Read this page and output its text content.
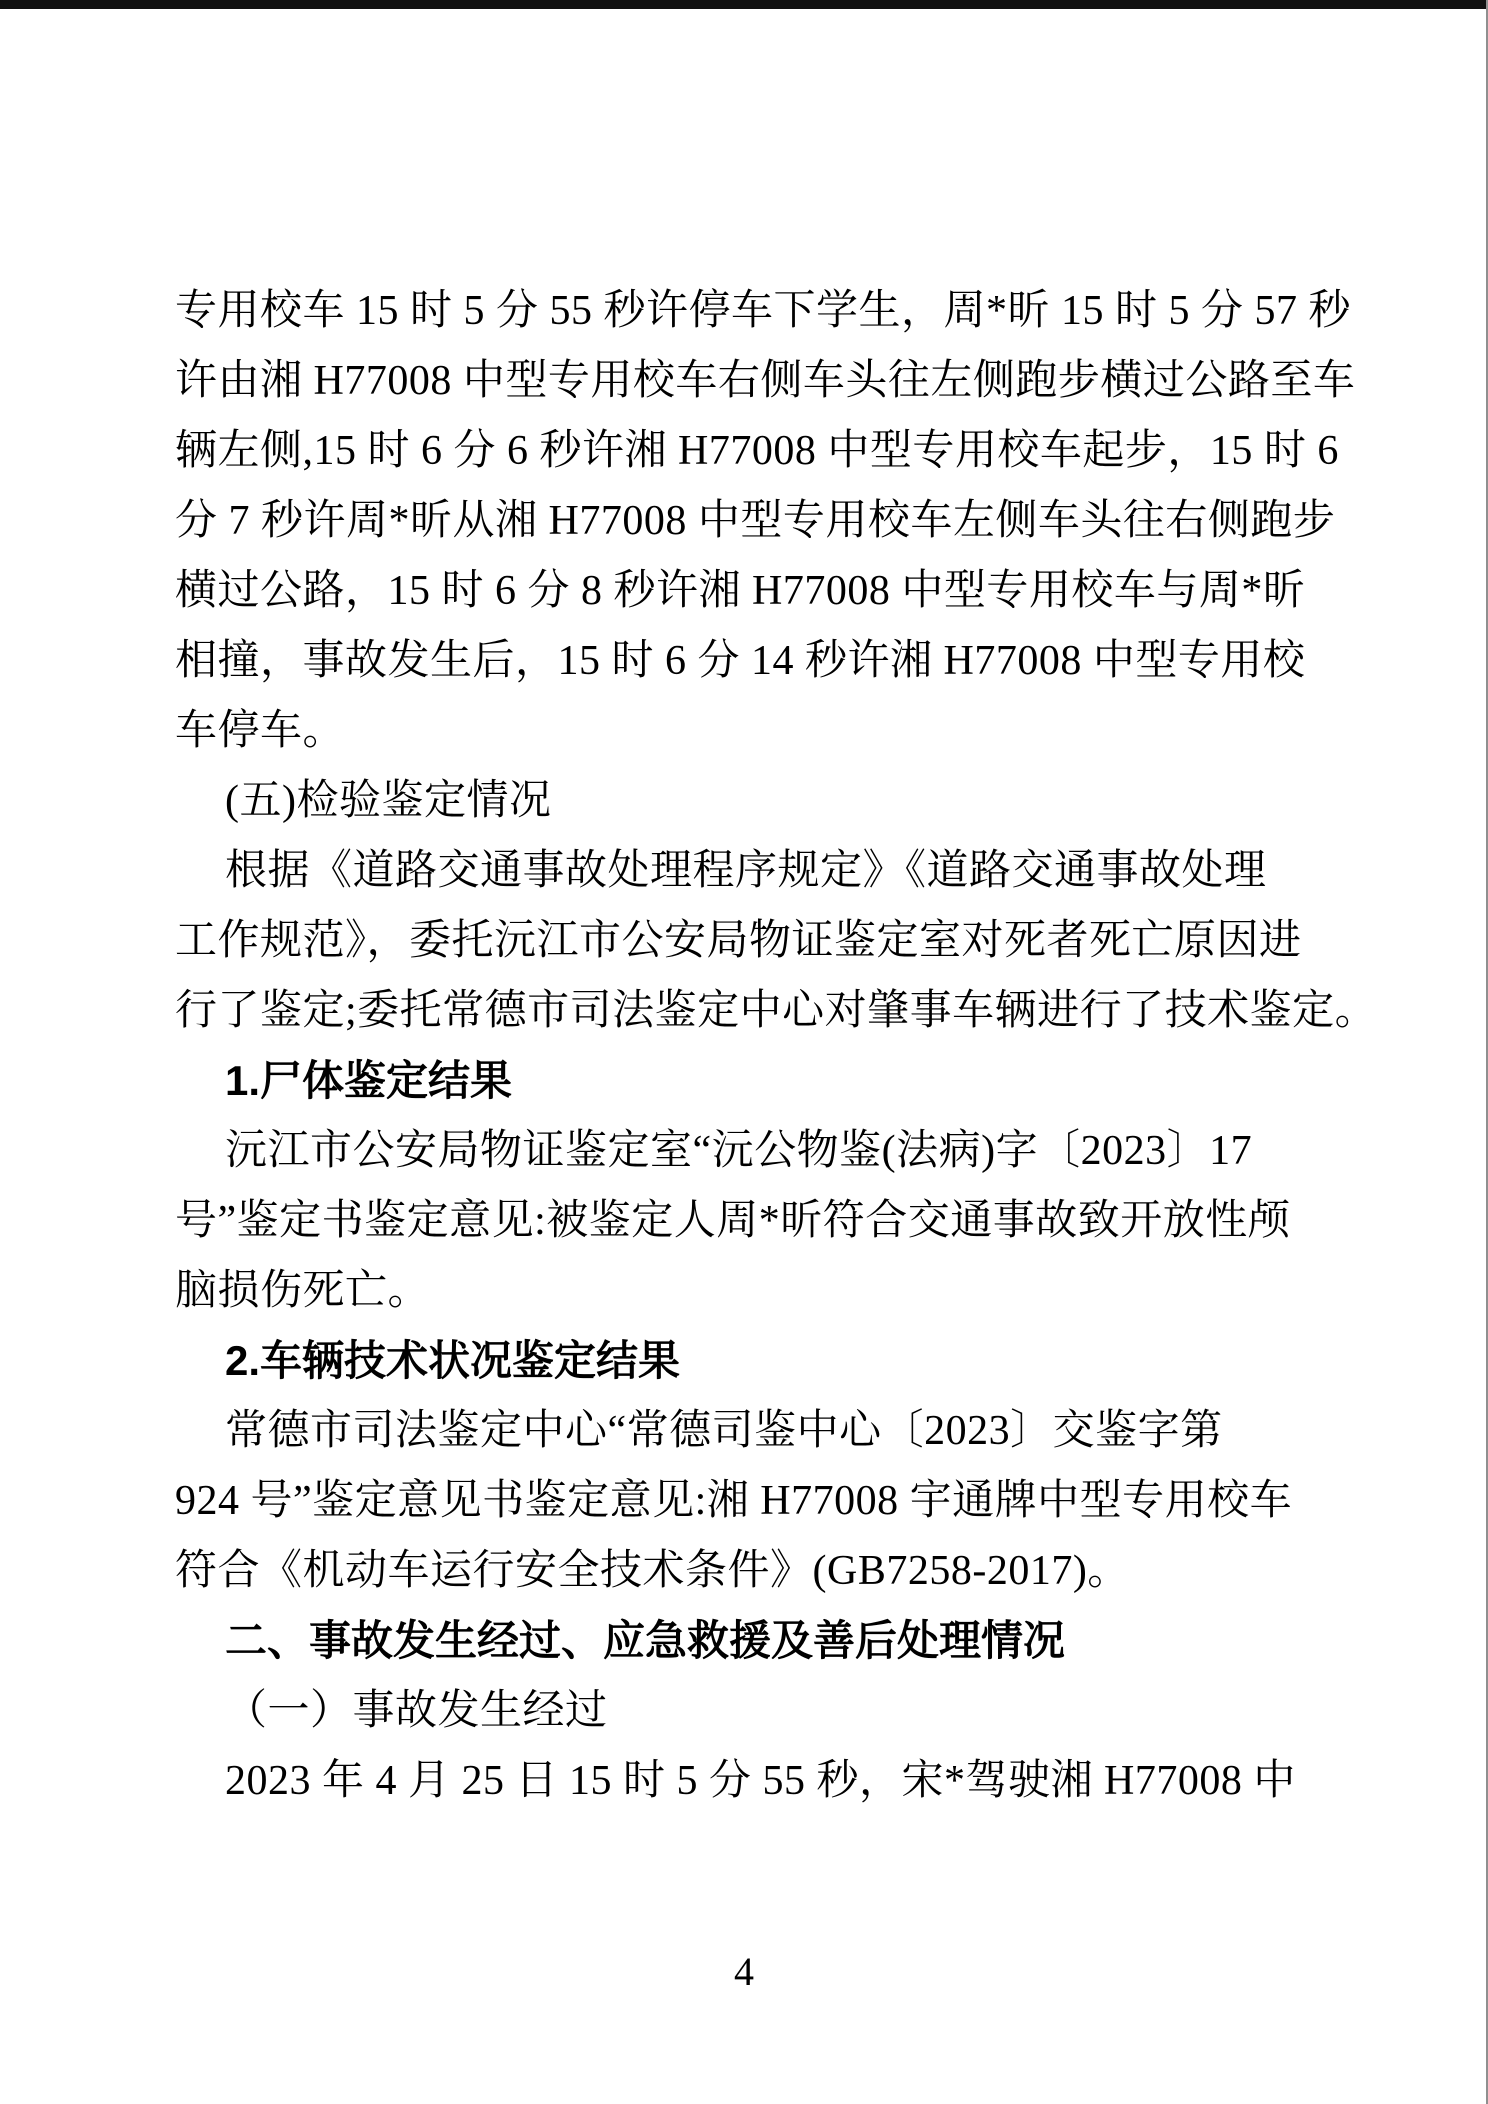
专用校车 15 时 5 分 55 秒许停车下学生，周*昕 15 时 5 分 57 秒
许由湘 H77008 中型专用校车右侧车头往左侧跑步横过公路至车
辆左侧,15 时 6 分 6 秒许湘 H77008 中型专用校车起步，15 时 6
分 7 秒许周*昕从湘 H77008 中型专用校车左侧车头往右侧跑步
横过公路，15 时 6 分 8 秒许湘 H77008 中型专用校车与周*昕
相撞，事故发生后，15 时 6 分 14 秒许湘 H77008 中型专用校
车停车。
(五)检验鉴定情况
根据《道路交通事故处理程序规定》《道路交通事故处理
工作规范》，委托沅江市公安局物证鉴定室对死者死亡原因进
行了鉴定;委托常德市司法鉴定中心对肇事车辆进行了技术鉴定。
1.尸体鉴定结果
沅江市公安局物证鉴定室“沅公物鉴(法病)字〔2023〕17
号”鉴定书鉴定意见:被鉴定人周*昕符合交通事故致开放性颅
脑损伤死亡。
2.车辆技术状况鉴定结果
常德市司法鉴定中心“常德司鉴中心〔2023〕交鉴字第
924 号”鉴定意见书鉴定意见:湘 H77008 宇通牌中型专用校车
符合《机动车运行安全技术条件》(GB7258-2017)。
二、事故发生经过、应急救援及善后处理情况
（一）事故发生经过
2023 年 4 月 25 日 15 时 5 分 55 秒，宋*驾驶湘 H77008 中
4
